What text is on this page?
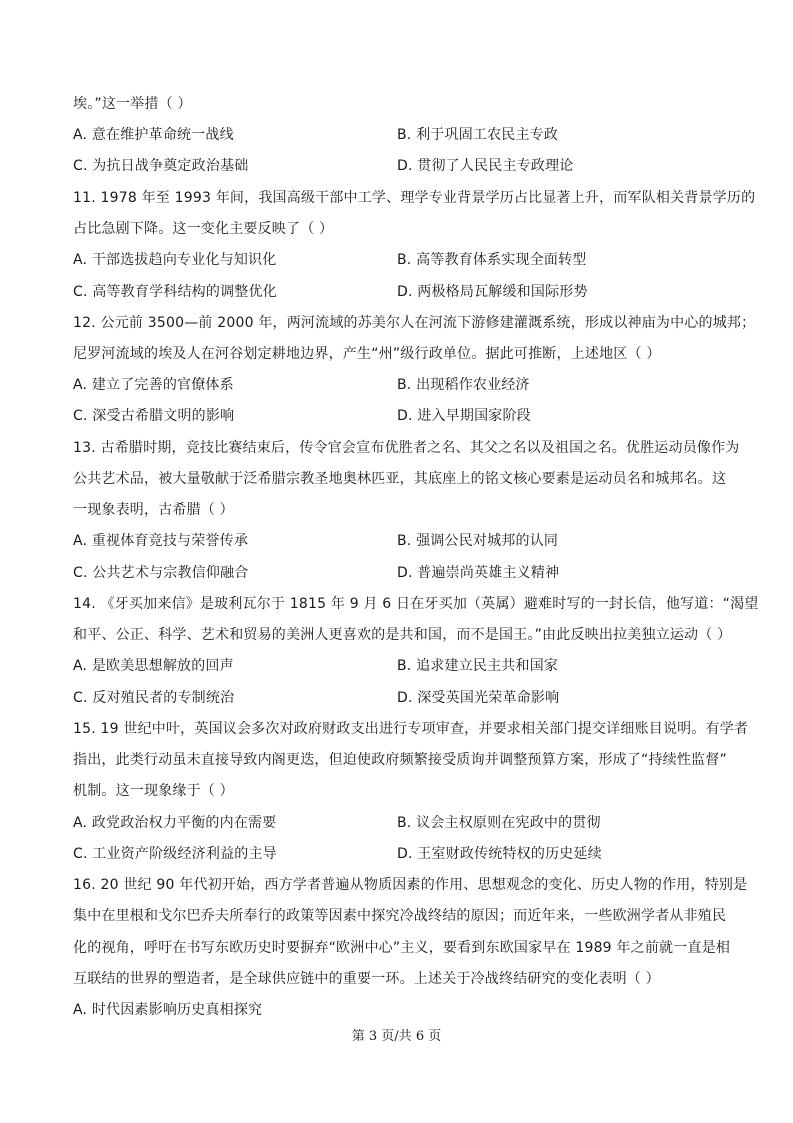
埃。”这一举措（ ）
A. 意在维护革命统一战线	B. 利于巩固工农民主专政
C. 为抗日战争奠定政治基础	D. 贯彻了人民民主专政理论
11. 1978 年至 1993 年间，我国高级干部中工学、理学专业背景学历占比显著上升，而军队相关背景学历的
占比急剧下降。这一变化主要反映了（ ）
A. 干部选拔趋向专业化与知识化	B. 高等教育体系实现全面转型
C. 高等教育学科结构的调整优化	D. 两极格局瓦解缓和国际形势
12. 公元前 3500—前 2000 年，两河流域的苏美尔人在河流下游修建灌溉系统，形成以神庙为中心的城邦；
尼罗河流域的埃及人在河谷划定耕地边界，产生“州”级行政单位。据此可推断，上述地区（ ）
A. 建立了完善的官僚体系	B. 出现稻作农业经济
C. 深受古希腊文明的影响	D. 进入早期国家阶段
13. 古希腊时期，竞技比赛结束后，传令官会宣布优胜者之名、其父之名以及祖国之名。优胜运动员像作为
公共艺术品，被大量敬献于泛希腊宗教圣地奥林匹亚，其底座上的铭文核心要素是运动员名和城邦名。这
一现象表明，古希腊（ ）
A. 重视体育竞技与荣誉传承	B. 强调公民对城邦的认同
C. 公共艺术与宗教信仰融合	D. 普遍崇尚英雄主义精神
14. 《牙买加来信》是玻利瓦尔于 1815 年 9 月 6 日在牙买加（英属）避难时写的一封长信，他写道：“渴望
和平、公正、科学、艺术和贸易的美洲人更喜欢的是共和国，而不是国王。”由此反映出拉美独立运动（ ）
A. 是欧美思想解放的回声	B. 追求建立民主共和国家
C. 反对殖民者的专制统治	D. 深受英国光荣革命影响
15. 19 世纪中叶，英国议会多次对政府财政支出进行专项审查，并要求相关部门提交详细账目说明。有学者
指出，此类行动虽未直接导致内阁更迭，但迫使政府频繁接受质询并调整预算方案，形成了“持续性监督”
机制。这一现象缘于（ ）
A. 政党政治权力平衡的内在需要	B. 议会主权原则在宪政中的贯彻
C. 工业资产阶级经济利益的主导	D. 王室财政传统特权的历史延续
16. 20 世纪 90 年代初开始，西方学者普遍从物质因素的作用、思想观念的变化、历史人物的作用，特别是
集中在里根和戈尔巴乔夫所奉行的政策等因素中探究冷战终结的原因；而近年来，一些欧洲学者从非殖民
化的视角，呼吁在书写东欧历史时要摒弃“欧洲中心”主义，要看到东欧国家早在 1989 年之前就一直是相
互联结的世界的塑造者，是全球供应链中的重要一环。上述关于冷战终结研究的变化表明（ ）
A. 时代因素影响历史真相探究
第 3 页/共 6 页
